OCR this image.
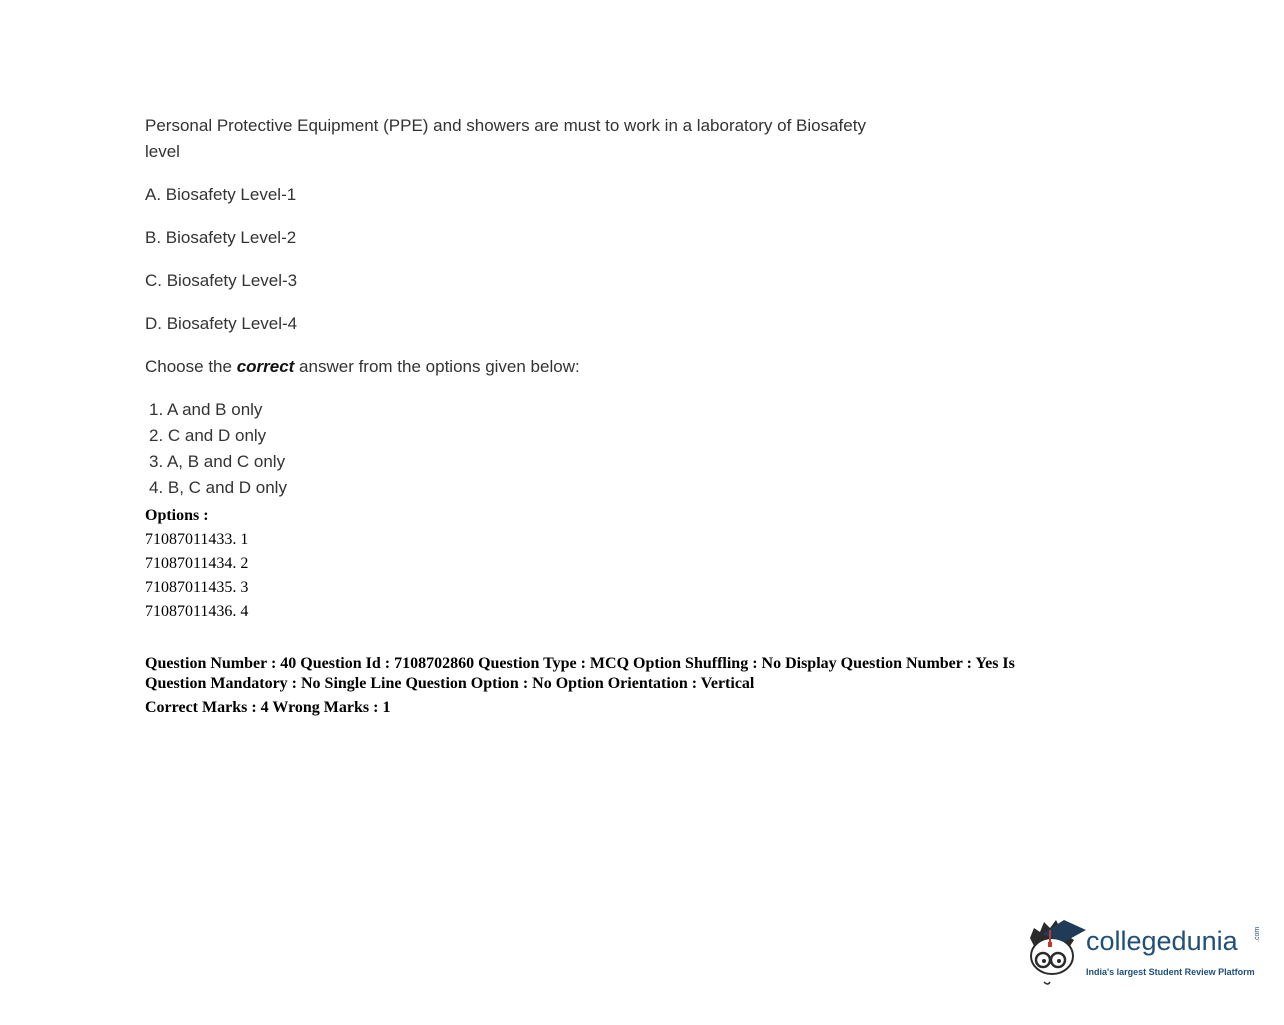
Personal Protective Equipment (PPE) and showers are must to work in a laboratory of Biosafety
level
A. Biosafety Level-1
B. Biosafety Level-2
C. Biosafety Level-3
D. Biosafety Level-4
Choose the correct answer from the options given below:
1. A and B only
2. C and D only
3. A, B and C only
4. B, C and D only
Options :
71087011433. 1
71087011434. 2
71087011435. 3
71087011436. 4
Question Number : 40 Question Id : 7108702860 Question Type : MCQ Option Shuffling : No Display Question Number : Yes Is
Question Mandatory : No Single Line Question Option : No Option Orientation : Vertical
Correct Marks : 4 Wrong Marks : 1
collegedunia .com
India's largest Student Review Platform
